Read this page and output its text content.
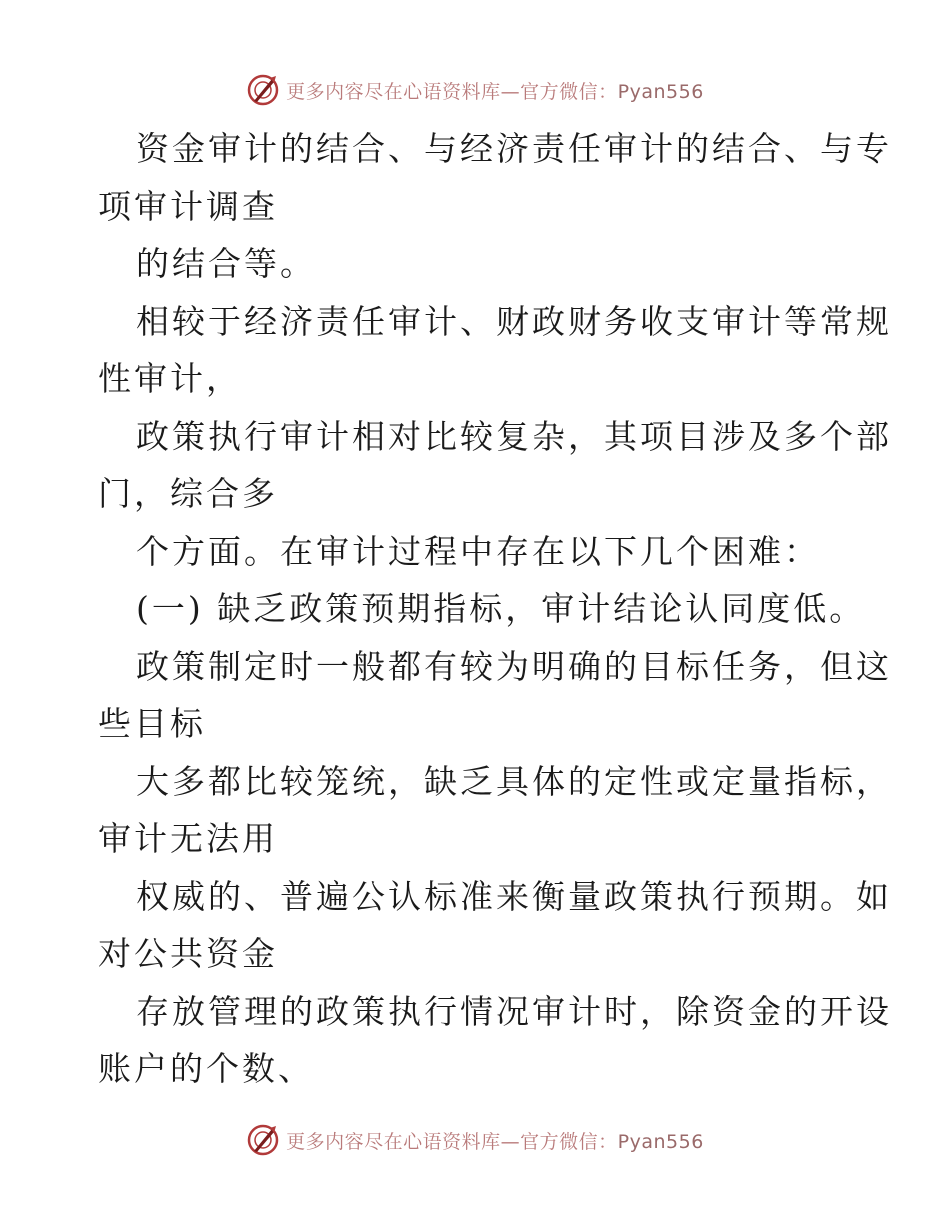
更多内容尽在心语资料库—官方微信：Pyan556
资金审计的结合、与经济责任审计的结合、与专
项审计调查
的结合等。
相较于经济责任审计、财政财务收支审计等常规
性审计，
政策执行审计相对比较复杂，其项目涉及多个部
门，综合多
个方面。在审计过程中存在以下几个困难：
(一) 缺乏政策预期指标，审计结论认同度低。
政策制定时一般都有较为明确的目标任务，但这
些目标
大多都比较笼统，缺乏具体的定性或定量指标，
审计无法用
权威的、普遍公认标准来衡量政策执行预期。如
对公共资金
存放管理的政策执行情况审计时，除资金的开设
账户的个数、
更多内容尽在心语资料库—官方微信：Pyan556
